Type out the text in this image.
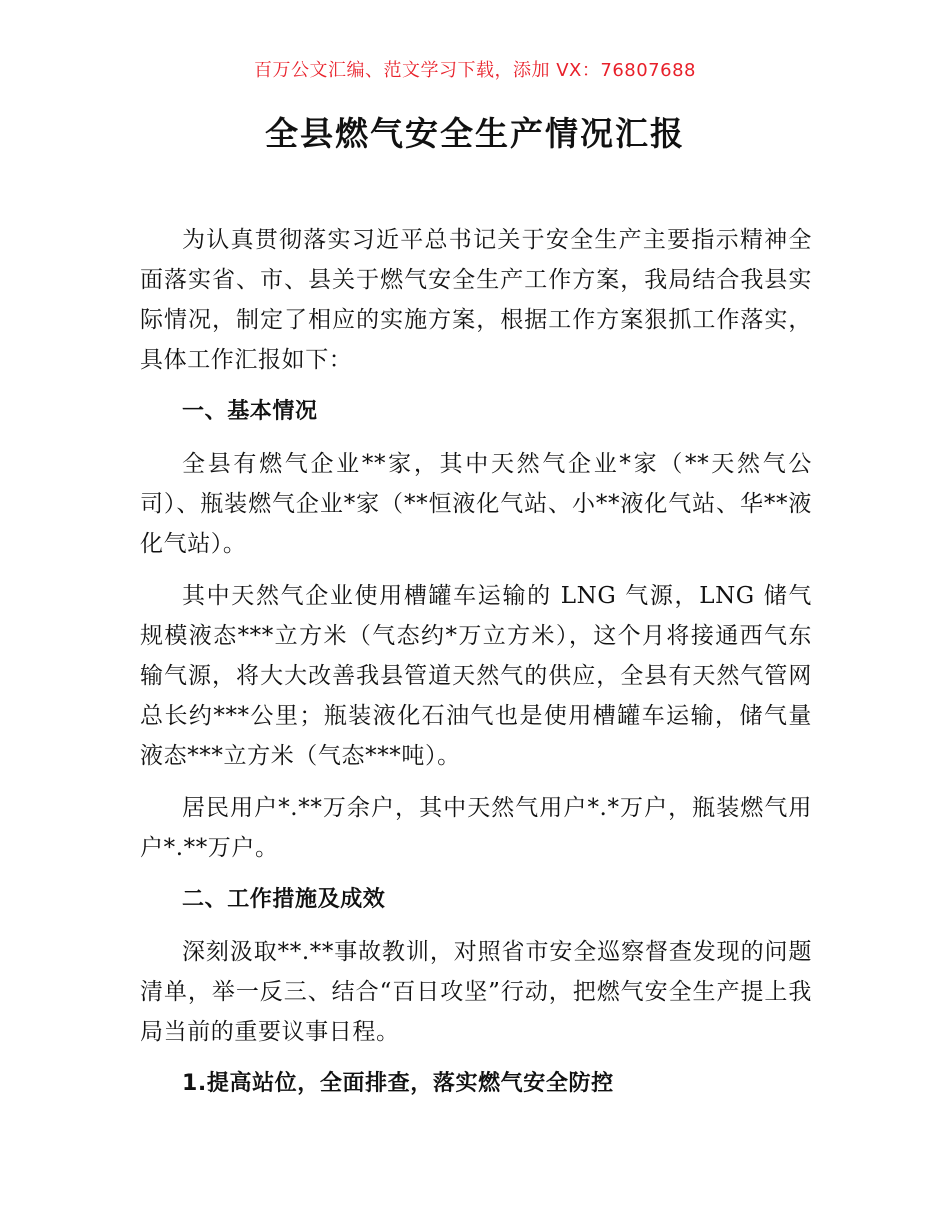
百万公文汇编、范文学习下载，添加 VX：76807688
全县燃气安全生产情况汇报

为认真贯彻落实习近平总书记关于安全生产主要指示精神全面落实省、市、县关于燃气安全生产工作方案，我局结合我县实际情况，制定了相应的实施方案，根据工作方案狠抓工作落实，具体工作汇报如下：

一、基本情况

全县有燃气企业**家，其中天然气企业*家（**天然气公司）、瓶装燃气企业*家（**恒液化气站、小**液化气站、华**液化气站）。

其中天然气企业使用槽罐车运输的 LNG 气源，LNG 储气规模液态***立方米（气态约*万立方米），这个月将接通西气东输气源，将大大改善我县管道天然气的供应，全县有天然气管网总长约***公里；瓶装液化石油气也是使用槽罐车运输，储气量液态***立方米（气态***吨）。

居民用户*.**万余户，其中天然气用户*.*万户，瓶装燃气用户*.**万户。

二、工作措施及成效

深刻汲取**.**事故教训，对照省市安全巡察督查发现的问题清单，举一反三、结合“百日攻坚”行动，把燃气安全生产提上我局当前的重要议事日程。

1.提高站位，全面排查，落实燃气安全防控
